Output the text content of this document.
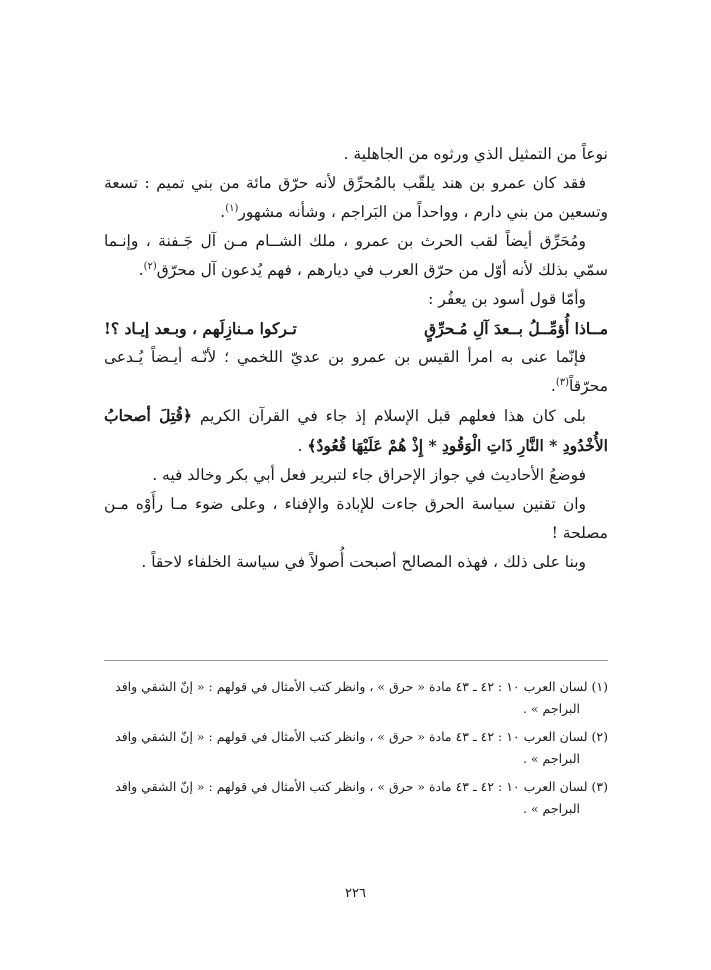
نوعاً من التمثيل الذي ورثوه من الجاهلية .

فقد كان عمرو بن هند يلقّب بالمُحرِّق لأنه حرّق مائة من بني تميم : تسعة وتسعين من بني دارم ، وواحداً من البَراجم ، وشأنه مشهور$^{(١)}$.

ومُحَرِّق أيضاً لقب الحرث بن عمرو ، ملك الشــام مـن آل جَـفنة ، وإنـما سمّي بذلك لأنه أوّل من حرّق العرب في ديارهم ، فهم يُدعون آل محرّق$^{(٢)}$.

وأمّا قول أسود بن يعفُر :

مــاذا أُؤمِّــلُ بــعدَ آلِ مُـحرِّقٍ
تـركوا مـنازِلَهم ، وبـعد إيـاد ؟!

فإنّما عنى به امرأ القيس بن عمرو بن عديّ اللخمي ؛ لأنّـه أيـضاً يُـدعى محرّقاً$^{(٣)}$.

بلى كان هذا فعلهم قبل الإسلام إذ جاء في القرآن الكريم ﴿قُتِلَ أصحابُ الأُخْدُودِ * النَّارِ ذَاتِ الْوَقُودِ * إِذْ هُمْ عَلَيْهَا قُعُودٌ﴾ .

فوضعُ الأحاديث في جواز الإحراق جاء لتبرير فعل أبي بكر وخالد فيه .

وان تقنين سياسة الحرق جاءت للإبادة والإفناء ، وعلى ضوء مـا رأَوْه مـن مصلحة !

وبنا على ذلك ، فهذه المصالح أصبحت أُصولاً في سياسة الخلفاء لاحقاً .

(١) لسان العرب ١٠ : ٤٢ ـ ٤٣ مادة « حرق » ، وانظر كتب الأمثال في قولهم : « إنّ الشقي وافد
البراجم » .

(٢) لسان العرب ١٠ : ٤٢ ـ ٤٣ مادة « حرق » ، وانظر كتب الأمثال في قولهم : « إنّ الشقي وافد
البراجم » .

(٣) لسان العرب ١٠ : ٤٢ ـ ٤٣ مادة « حرق » ، وانظر كتب الأمثال في قولهم : « إنّ الشقي وافد
البراجم » .

٢٢٦
